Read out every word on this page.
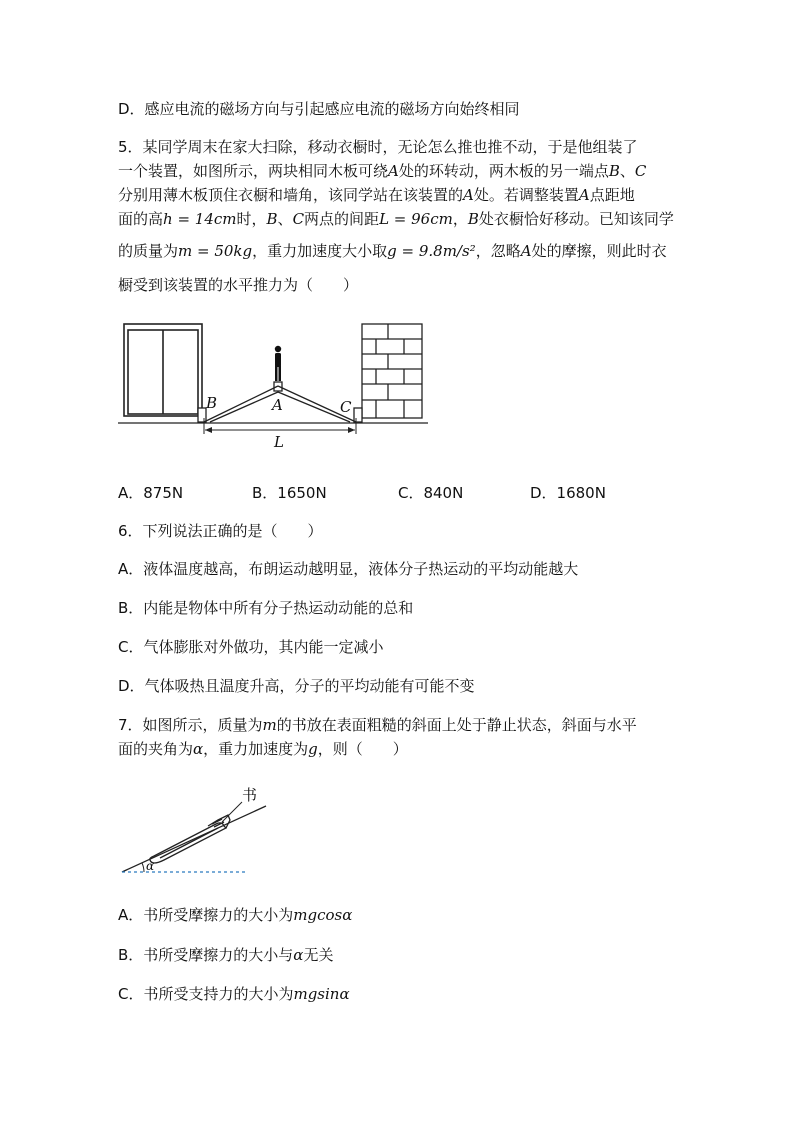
D．感应电流的磁场方向与引起感应电流的磁场方向始终相同
5．某同学周末在家大扫除，移动衣橱时，无论怎么推也推不动，于是他组装了
一个装置，如图所示，两块相同木板可绕A处的环转动，两木板的另一端点B、C
分别用薄木板顶住衣橱和墙角，该同学站在该装置的A处。若调整装置A点距地
面的高h = 14cm时，B、C两点的间距L = 96cm，B处衣橱恰好移动。已知该同学
的质量为m = 50kg，重力加速度大小取g = 9.8m/s²，忽略A处的摩擦，则此时衣
橱受到该装置的水平推力为（　　）
B	A	C
L
A．875N	B．1650N	C．840N	D．1680N
6．下列说法正确的是（　　）
A．液体温度越高，布朗运动越明显，液体分子热运动的平均动能越大
B．内能是物体中所有分子热运动动能的总和
C．气体膨胀对外做功，其内能一定减小
D．气体吸热且温度升高，分子的平均动能有可能不变
7．如图所示，质量为m的书放在表面粗糙的斜面上处于静止状态，斜面与水平
面的夹角为α，重力加速度为g，则（　　）
书
α
A．书所受摩擦力的大小为mgcosα
B．书所受摩擦力的大小与α无关
C．书所受支持力的大小为mgsinα
